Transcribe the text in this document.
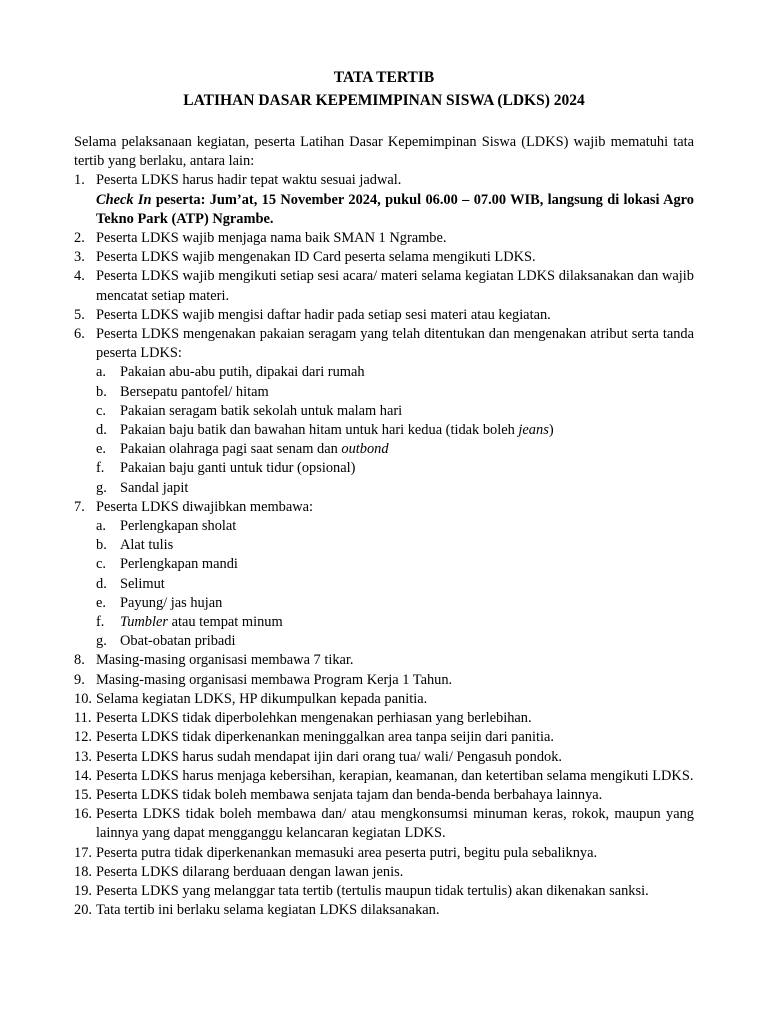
TATA TERTIB
LATIHAN DASAR KEPEMIMPINAN SISWA (LDKS) 2024

Selama pelaksanaan kegiatan, peserta Latihan Dasar Kepemimpinan Siswa (LDKS) wajib mematuhi tata tertib yang berlaku, antara lain:

1. Peserta LDKS harus hadir tepat waktu sesuai jadwal.
Check In peserta: Jum’at, 15 November 2024, pukul 06.00 – 07.00 WIB, langsung di lokasi Agro Tekno Park (ATP) Ngrambe.
2. Peserta LDKS wajib menjaga nama baik SMAN 1 Ngrambe.
3. Peserta LDKS wajib mengenakan ID Card peserta selama mengikuti LDKS.
4. Peserta LDKS wajib mengikuti setiap sesi acara/ materi selama kegiatan LDKS dilaksanakan dan wajib mencatat setiap materi.
5. Peserta LDKS wajib mengisi daftar hadir pada setiap sesi materi atau kegiatan.
6. Peserta LDKS mengenakan pakaian seragam yang telah ditentukan dan mengenakan atribut serta tanda peserta LDKS:
a. Pakaian abu-abu putih, dipakai dari rumah
b. Bersepatu pantofel/ hitam
c. Pakaian seragam batik sekolah untuk malam hari
d. Pakaian baju batik dan bawahan hitam untuk hari kedua (tidak boleh jeans)
e. Pakaian olahraga pagi saat senam dan outbond
f. Pakaian baju ganti untuk tidur (opsional)
g. Sandal japit
7. Peserta LDKS diwajibkan membawa:
a. Perlengkapan sholat
b. Alat tulis
c. Perlengkapan mandi
d. Selimut
e. Payung/ jas hujan
f. Tumbler atau tempat minum
g. Obat-obatan pribadi
8. Masing-masing organisasi membawa 7 tikar.
9. Masing-masing organisasi membawa Program Kerja 1 Tahun.
10. Selama kegiatan LDKS, HP dikumpulkan kepada panitia.
11. Peserta LDKS tidak diperbolehkan mengenakan perhiasan yang berlebihan.
12. Peserta LDKS tidak diperkenankan meninggalkan area tanpa seijin dari panitia.
13. Peserta LDKS harus sudah mendapat ijin dari orang tua/ wali/ Pengasuh pondok.
14. Peserta LDKS harus menjaga kebersihan, kerapian, keamanan, dan ketertiban selama mengikuti LDKS.
15. Peserta LDKS tidak boleh membawa senjata tajam dan benda-benda berbahaya lainnya.
16. Peserta LDKS tidak boleh membawa dan/ atau mengkonsumsi minuman keras, rokok, maupun yang lainnya yang dapat mengganggu kelancaran kegiatan LDKS.
17. Peserta putra tidak diperkenankan memasuki area peserta putri, begitu pula sebaliknya.
18. Peserta LDKS dilarang berduaan dengan lawan jenis.
19. Peserta LDKS yang melanggar tata tertib (tertulis maupun tidak tertulis) akan dikenakan sanksi.
20. Tata tertib ini berlaku selama kegiatan LDKS dilaksanakan.
